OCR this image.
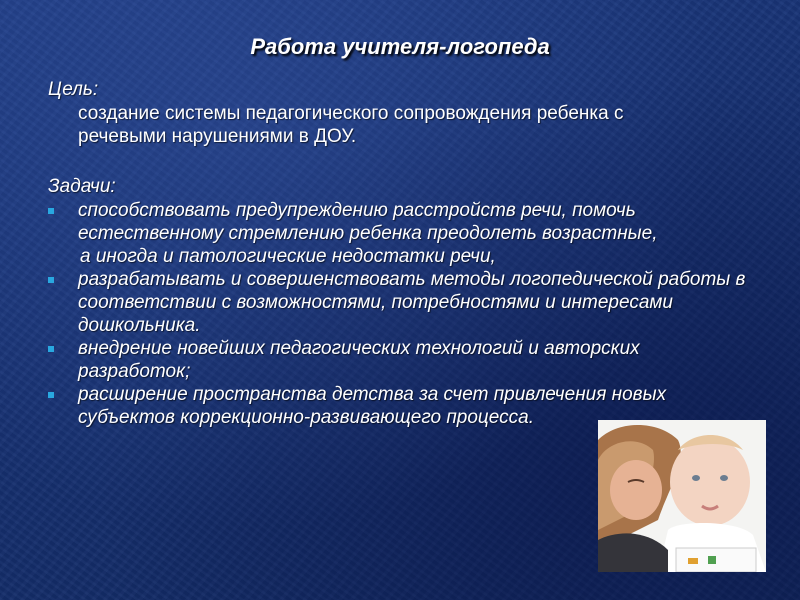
Работа учителя-логопеда
Цель:
создание системы педагогического сопровождения ребенка с
речевыми нарушениями в ДОУ.
Задачи:
способствовать предупреждению расстройств речи, помочь естественному стремлению ребенка преодолеть возрастные,
а иногда и патологические недостатки речи,
разрабатывать и совершенствовать методы логопедической работы в соответствии с возможностями, потребностями и интересами дошкольника.
внедрение новейших педагогических технологий и авторских разработок;
расширение пространства детства за счет привлечения новых субъектов коррекционно-развивающего процесса.
